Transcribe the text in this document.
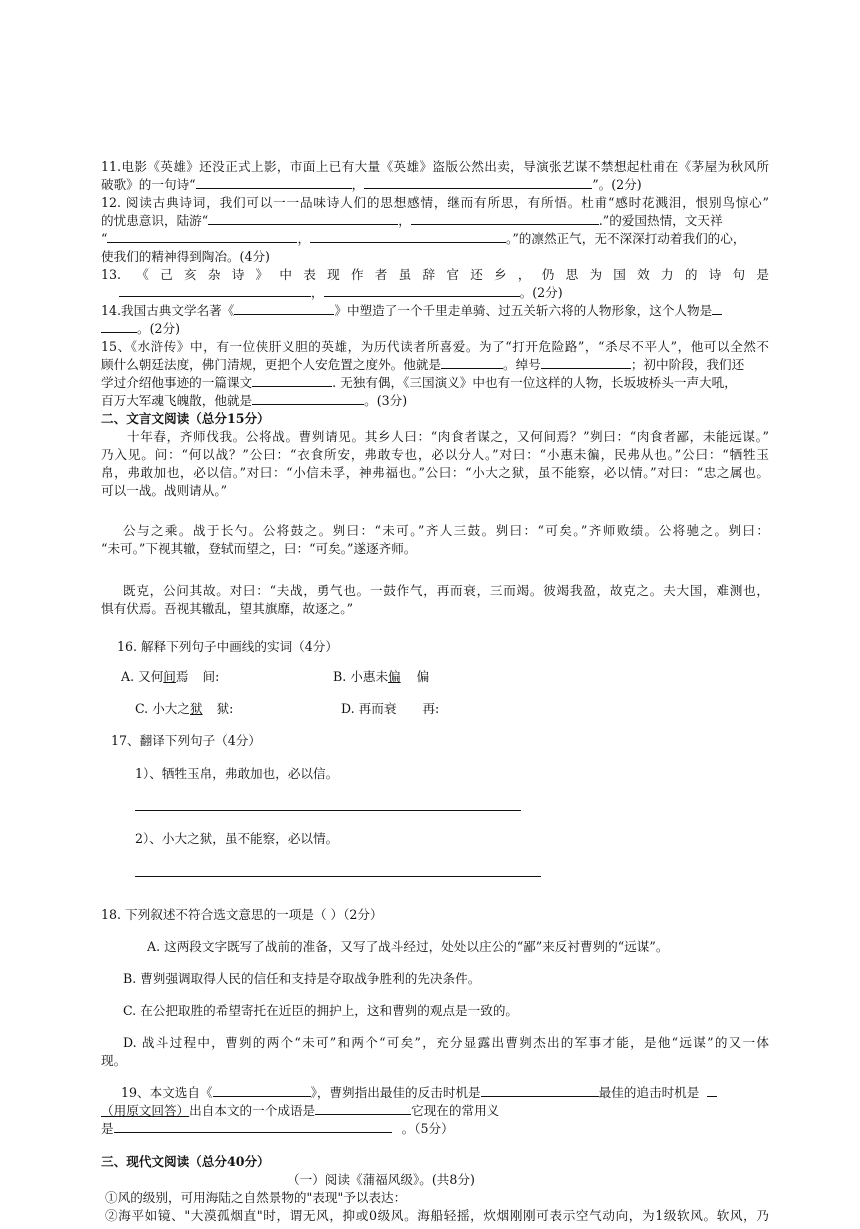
11.电影《英雄》还没正式上影，市面上已有大量《英雄》盗版公然出卖，导演张艺谋不禁想起杜甫在《茅屋为秋风所
破歌》的一句诗“	，	”。(2分)
12. 阅读古典诗词，我们可以一一品味诗人们的思想感情，继而有所思，有所悟。杜甫“感时花溅泪，恨别鸟惊心”
的忧患意识，陆游“	，	.”的爱国热情，文天祥
“	，	。”的凛然正气，无不深深打动着我们的心，
使我们的精神得到陶冶。(4分)
13. 《己亥杂诗》中表现作者虽辞官还乡，仍思为国效力的诗句是
，	。(2分)
14.我国古典文学名著《	》中塑造了一个千里走单骑、过五关斩六将的人物形象，这个人物是
。(2分)
15、《水浒传》中，有一位侠肝义胆的英雄，为历代读者所喜爱。为了“打开危险路”，“杀尽不平人”，他可以全然不
顾什么朝廷法度，佛门清规，更把个人安危置之度外。他就是	。绰号	；初中阶段，我们还
学过介绍他事迹的一篇课文	. 无独有偶，《三国演义》中也有一位这样的人物，长坂坡桥头一声大吼，
百万大军魂飞魄散，他就是	。(3分)
二、文言文阅读（总分15分）
十年春，齐师伐我。公将战。曹刿请见。其乡人曰：“肉食者谋之，又何间焉？”刿曰：“肉食者鄙，未能远谋。”
乃入见。问：“何以战？”公曰：“衣食所安，弗敢专也，必以分人。”对曰：“小惠未徧，民弗从也。”公曰：“牺牲玉
帛，弗敢加也，必以信。”对曰：“小信未孚，神弗福也。”公曰：“小大之狱，虽不能察，必以情。”对曰：“忠之属也。
可以一战。战则请从。”
公与之乘。战于长勺。公将鼓之。刿曰：“未可。”齐人三鼓。刿曰：“可矣。”齐师败绩。公将驰之。刿曰：
“未可。”下视其辙，登轼而望之，曰：“可矣。”遂逐齐师。
既克，公问其故。对曰：“夫战，勇气也。一鼓作气，再而衰，三而竭。彼竭我盈，故克之。夫大国，难测也，
惧有伏焉。吾视其辙乱，望其旗靡，故逐之。”
16. 解释下列句子中画线的实词（4分）
A. 又何间焉 间:	B. 小惠未偏 偏
C. 小大之狱 狱:	D. 再而衰 再:
17、翻译下列句子（4分）
1）、牺牲玉帛，弗敢加也，必以信。
2）、小大之狱，虽不能察，必以情。
18. 下列叙述不符合选文意思的一项是（ ）（2分）
A. 这两段文字既写了战前的准备，又写了战斗经过，处处以庄公的“鄙”来反衬曹刿的“远谋”。
B. 曹刿强调取得人民的信任和支持是夺取战争胜利的先决条件。
C. 在公把取胜的希望寄托在近臣的拥护上，这和曹刿的观点是一致的。
D. 战斗过程中，曹刿的两个“未可”和两个“可矣”，充分显露出曹刿杰出的军事才能，是他“远谋”的又一体
现。
19、本文选自《	》，曹刿指出最佳的反击时机是	最佳的追击时机是
（用原文回答）出自本文的一个成语是	它现在的常用义
是	。（5分）
三、现代文阅读（总分40分）
（一）阅读《蒲福风级》。(共8分)
①风的级别，可用海陆之自然景物的"表现"予以表达：
②海平如镜、"大漠孤烟直"时，谓无风，抑或0级风。海船轻摇，炊烟刚刚可表示空气动向，为1级软风。软风，乃
